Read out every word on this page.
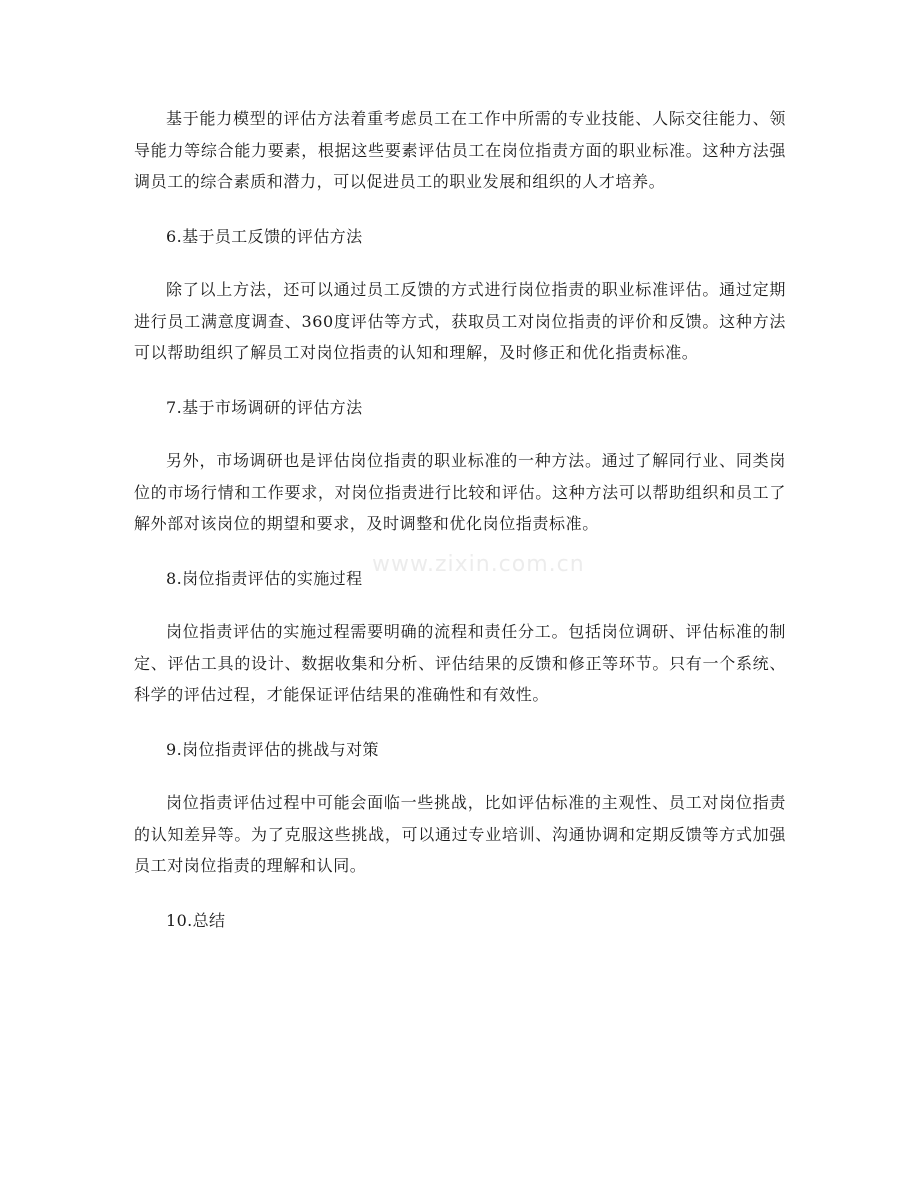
基于能力模型的评估方法着重考虑员工在工作中所需的专业技能、人际交往能力、领导能力等综合能力要素，根据这些要素评估员工在岗位指责方面的职业标准。这种方法强调员工的综合素质和潜力，可以促进员工的职业发展和组织的人才培养。

6.基于员工反馈的评估方法

除了以上方法，还可以通过员工反馈的方式进行岗位指责的职业标准评估。通过定期进行员工满意度调查、360度评估等方式，获取员工对岗位指责的评价和反馈。这种方法可以帮助组织了解员工对岗位指责的认知和理解，及时修正和优化指责标准。

7.基于市场调研的评估方法

另外，市场调研也是评估岗位指责的职业标准的一种方法。通过了解同行业、同类岗位的市场行情和工作要求，对岗位指责进行比较和评估。这种方法可以帮助组织和员工了解外部对该岗位的期望和要求，及时调整和优化岗位指责标准。

8.岗位指责评估的实施过程

岗位指责评估的实施过程需要明确的流程和责任分工。包括岗位调研、评估标准的制定、评估工具的设计、数据收集和分析、评估结果的反馈和修正等环节。只有一个系统、科学的评估过程，才能保证评估结果的准确性和有效性。

9.岗位指责评估的挑战与对策

岗位指责评估过程中可能会面临一些挑战，比如评估标准的主观性、员工对岗位指责的认知差异等。为了克服这些挑战，可以通过专业培训、沟通协调和定期反馈等方式加强员工对岗位指责的理解和认同。

10.总结

www.zixin.com.cn
